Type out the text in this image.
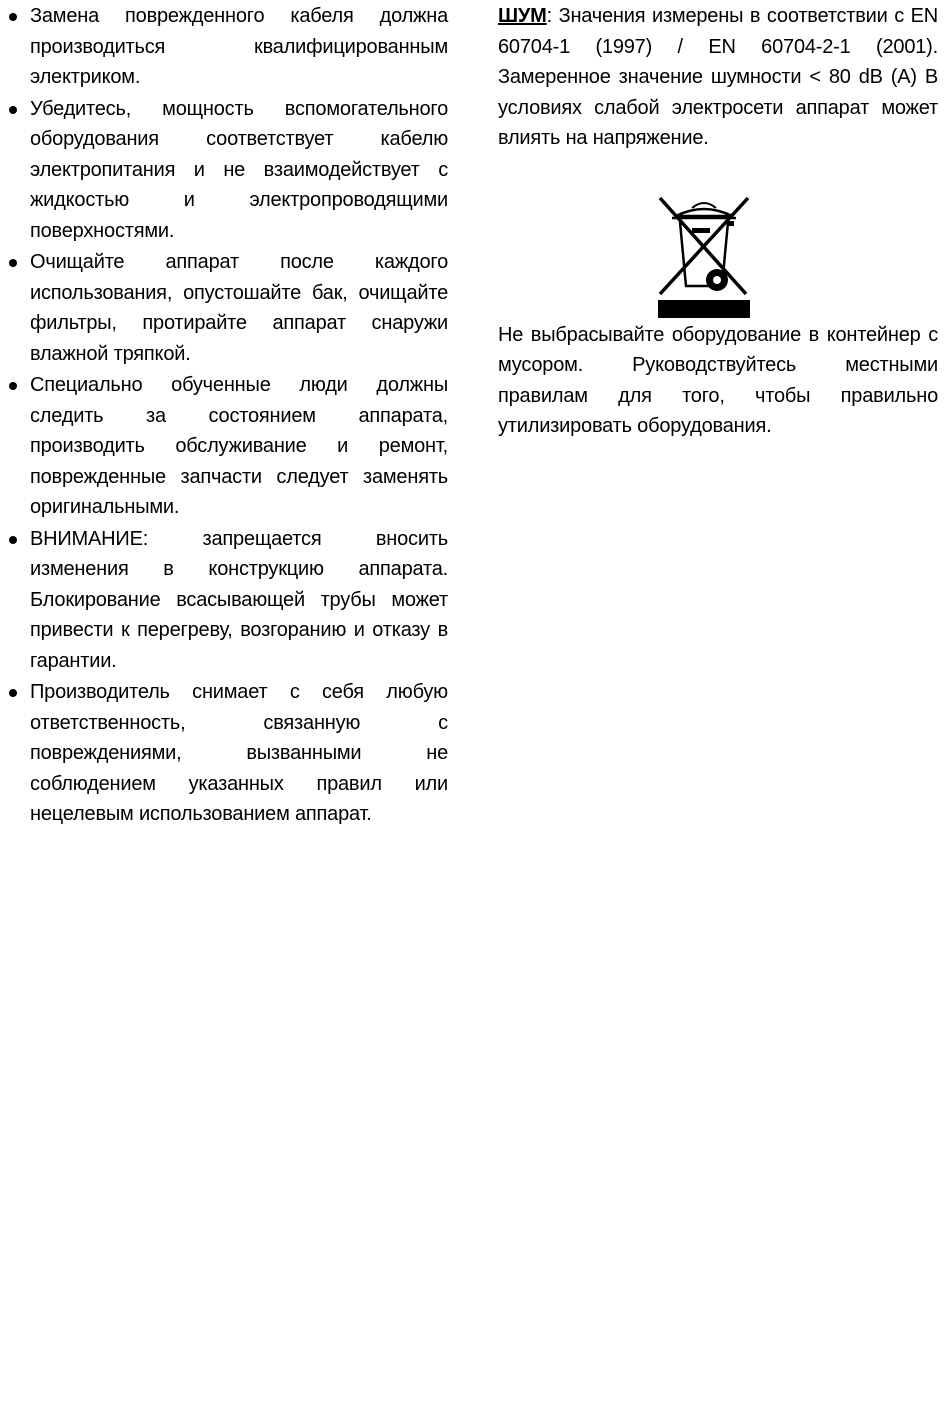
Замена поврежденного кабеля должна производиться квалифицированным электриком.
Убедитесь, мощность вспомогательного оборудования соответствует кабелю электропитания и не взаимодействует с жидкостью и электропроводящими поверхностями.
Очищайте аппарат после каждого использования, опустошайте бак, очищайте фильтры, протирайте аппарат снаружи влажной тряпкой.
Специально обученные люди должны следить за состоянием аппарата, производить обслуживание и ремонт, поврежденные запчасти следует заменять оригинальными.
ВНИМАНИЕ: запрещается вносить изменения в конструкцию аппарата. Блокирование всасывающей трубы может привести к перегреву, возгоранию и отказу в гарантии.
Производитель снимает с себя любую ответственность, связанную с повреждениями, вызванными не соблюдением указанных правил или нецелевым использованием аппарат.

ШУМ: Значения измерены в соответствии с EN 60704-1 (1997) / EN 60704-2-1 (2001). Замеренное значение шумности < 80 dB (A) В условиях слабой электросети аппарат может влиять на напряжение.

Не выбрасывайте оборудование в контейнер с мусором. Руководствуйтесь местными правилам для того, чтобы правильно утилизировать оборудования.
